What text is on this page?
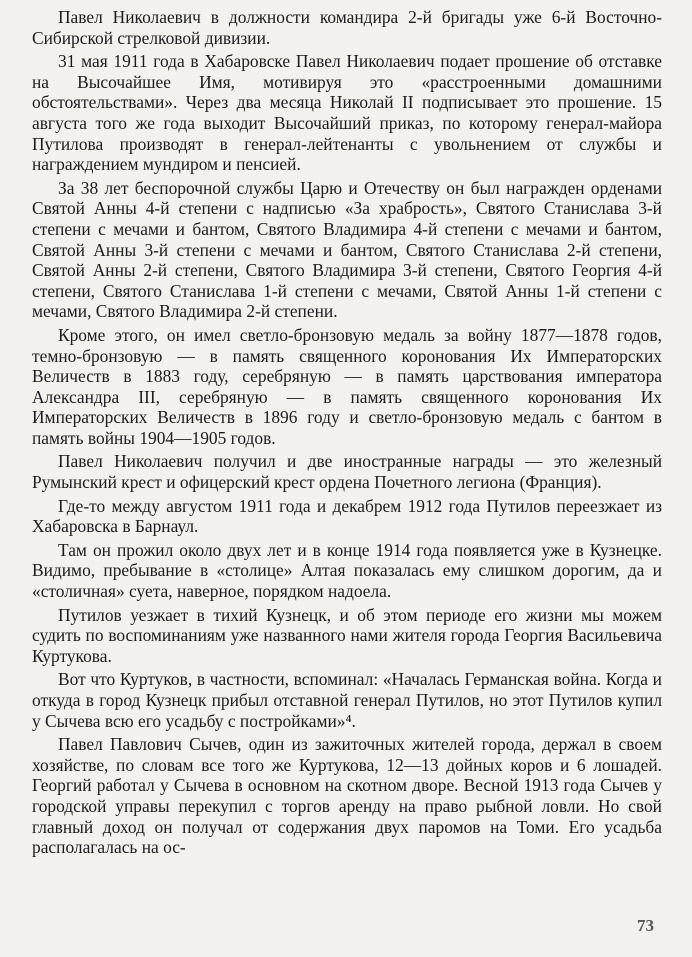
Павел Николаевич в должности командира 2-й бригады уже 6-й Восточно-Сибирской стрелковой дивизии.

31 мая 1911 года в Хабаровске Павел Николаевич подает прошение об отставке на Высочайшее Имя, мотивируя это «расстроенными домашними обстоятельствами». Через два месяца Николай II подписывает это прошение. 15 августа того же года выходит Высочайший приказ, по которому генерал-майора Путилова производят в генерал-лейтенанты с увольнением от службы и награждением мундиром и пенсией.

За 38 лет беспорочной службы Царю и Отечеству он был награжден орденами Святой Анны 4-й степени с надписью «За храбрость», Святого Станислава 3-й степени с мечами и бантом, Святого Владимира 4-й степени с мечами и бантом, Святой Анны 3-й степени с мечами и бантом, Святого Станислава 2-й степени, Святой Анны 2-й степени, Святого Владимира 3-й степени, Святого Георгия 4-й степени, Святого Станислава 1-й степени с мечами, Святой Анны 1-й степени с мечами, Святого Владимира 2-й степени.

Кроме этого, он имел светло-бронзовую медаль за войну 1877—1878 годов, темно-бронзовую — в память священного коронования Их Императорских Величеств в 1883 году, серебряную — в память царствования императора Александра III, серебряную — в память священного коронования Их Императорских Величеств в 1896 году и светло-бронзовую медаль с бантом в память войны 1904—1905 годов.

Павел Николаевич получил и две иностранные награды — это железный Румынский крест и офицерский крест ордена Почетного легиона (Франция).

Где-то между августом 1911 года и декабрем 1912 года Путилов переезжает из Хабаровска в Барнаул.

Там он прожил около двух лет и в конце 1914 года появляется уже в Кузнецке. Видимо, пребывание в «столице» Алтая показалась ему слишком дорогим, да и «столичная» суета, наверное, порядком надоела.

Путилов уезжает в тихий Кузнецк, и об этом периоде его жизни мы можем судить по воспоминаниям уже названного нами жителя города Георгия Васильевича Куртукова.

Вот что Куртуков, в частности, вспоминал: «Началась Германская война. Когда и откуда в город Кузнецк прибыл отставной генерал Путилов, но этот Путилов купил у Сычева всю его усадьбу с постройками»⁴.

Павел Павлович Сычев, один из зажиточных жителей города, держал в своем хозяйстве, по словам все того же Куртукова, 12—13 дойных коров и 6 лошадей. Георгий работал у Сычева в основном на скотном дворе. Весной 1913 года Сычев у городской управы перекупил с торгов аренду на право рыбной ловли. Но свой главный доход он получал от содержания двух паромов на Томи. Его усадьба располагалась на ос-

73
